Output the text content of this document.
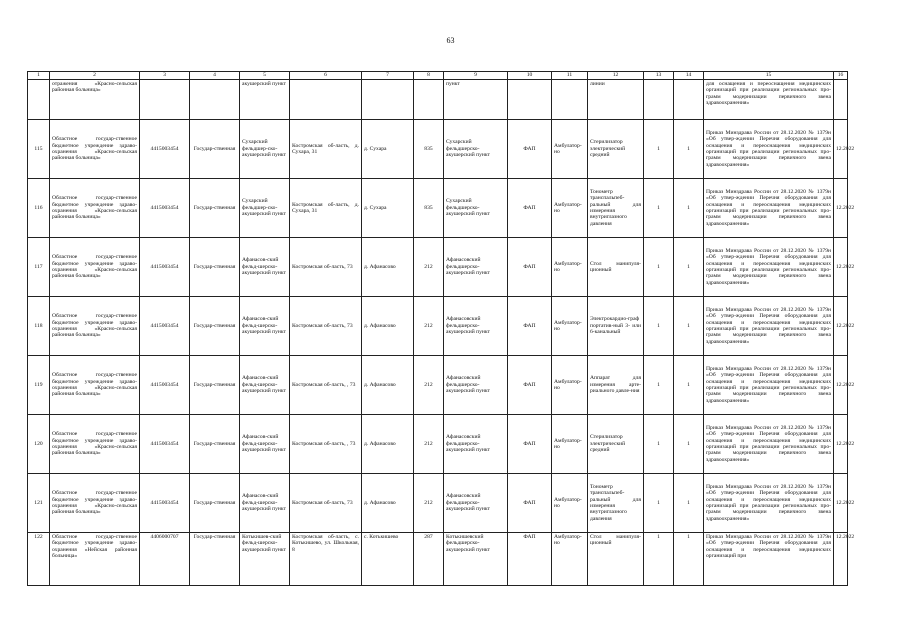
63
1	2	3	4	5	6	7	8	9	10	11	12	13	14	15	16
	отражения «Красно-сельская районная больница»			акушерский пункт				пункт			линии			для оснащения и переоснащения медицинских организаций при реализации региональных про-грамм модернизации первичного звена здравоохранения»	
115	Областное государ-ственное бюджетное учреждение здраво-охранения «Красно-сельская районная больница»	4415003454	Государ-ственная	Сухарский фельдшер-ско-акушерский пункт	Костромская об-ласть, д. Сухара, 31	д. Сухара	835	Сухарский фельдшерско-акушерский пункт	ФАП	Амбулатор-но	Стерилизатор электрический средний	1	1	Приказ Минздрава России от 28.12.2020 № 1379н «Об утвер-ждении Перечня оборудования для оснащения и переоснащения медицинских организаций при реализации региональных про-грамм модернизации первичного звена здравоохранения»	12.2022
116	Областное государ-ственное бюджетное учреждение здраво-охранения «Красно-сельская районная больница»	4415003454	Государ-ственная	Сухарский фельдшер-ско-акушерский пункт	Костромская об-ласть, д. Сухара, 31	д. Сухара	835	Сухарский фельдшерско-акушерский пункт	ФАП	Амбулатор-но	Тонометр транспальпеб-ральный для измерения внутриглазного давления	1	1	Приказ Минздрава России от 28.12.2020 № 1379н «Об утвер-ждении Перечня оборудования для оснащения и переоснащения медицинских организаций при реализации региональных про-грамм модернизации первичного звена здравоохранения»	12.2022
117	Областное государ-ственное бюджетное учреждение здраво-охранения «Красно-сельская районная больница»	4415003454	Государ-ственная	Афанасов-ский фельд-шерско-акушерский пункт	Костромская об-ласть, 73	д. Афанасово	212	Афанасовский фельдшерско-акушерский пункт	ФАП	Амбулатор-но	Стол манипуля-ционный	1	1	Приказ Минздрава России от 28.12.2020 № 1379н «Об утвер-ждении Перечня оборудования для оснащения и переоснащения медицинских организаций при реализации региональных про-грамм модернизации первичного звена здравоохранения»	12.2022
118	Областное государ-ственное бюджетное учреждение здраво-охранения «Красно-сельская районная больница»	4415003454	Государ-ственная	Афанасов-ский фельд-шерско-акушерский пункт	Костромская об-ласть, 73	д. Афанасово	212	Афанасовский фельдшерско-акушерский пункт	ФАП	Амбулатор-но	Электрокардио-граф портатив-ный 3- или 6-канальный	1	1	Приказ Минздрава России от 28.12.2020 № 1379н «Об утвер-ждении Перечня оборудования для оснащения и переоснащения медицинских организаций при реализации региональных про-грамм модернизации первичного звена здравоохранения»	12.2022
119	Областное государ-ственное бюджетное учреждение здраво-охранения «Красно-сельская районная больница»	4415003454	Государ-ственная	Афанасов-ский фельд-шерско-акушерский пункт	Костромская об-ласть, , 73	д. Афанасово	212	Афанасовский фельдшерско-акушерский пункт	ФАП	Амбулатор-но	Аппарат для измерения арте-риального давле-ния	1	1	Приказ Минздрава России от 28.12.2020 № 1379н «Об утвер-ждении Перечня оборудования для оснащения и переоснащения медицинских организаций при реализации региональных про-грамм модернизации первичного звена здравоохранения»	12.2022
120	Областное государ-ственное бюджетное учреждение здраво-охранения «Красно-сельская районная больница»	4415003454	Государ-ственная	Афанасов-ский фельд-шерско-акушерский пункт	Костромская об-ласть, , 73	д. Афанасово	212	Афанасовский фельдшерско-акушерский пункт	ФАП	Амбулатор-но	Стерилизатор электрический средний	1	1	Приказ Минздрава России от 28.12.2020 № 1379н «Об утвер-ждении Перечня оборудования для оснащения и переоснащения медицинских организаций при реализации региональных про-грамм модернизации первичного звена здравоохранения»	12.2022
121	Областное государ-ственное бюджетное учреждение здраво-охранения «Красно-сельская районная больница»	4415003454	Государ-ственная	Афанасов-ский фельд-шерско-акушерский пункт	Костромская об-ласть, 73	д. Афанасово	212	Афанасовский фельдшерско-акушерский пункт	ФАП	Амбулатор-но	Тонометр транспальпеб-ральный для измерения внутриглазного давления	1	1	Приказ Минздрава России от 28.12.2020 № 1379н «Об утвер-ждении Перечня оборудования для оснащения и переоснащения медицинских организаций при реализации региональных про-грамм модернизации первичного звена здравоохранения»	12.2022
122	Областное государ-ственное бюджетное учреждение здраво-охранения «Нейская районная больница»	4406000707	Государ-ственная	Котькишев-ский фельд-шерско-акушерский пункт	Костромская об-ласть, с. Котькишево, ул. Школьная, 8	с. Котькишево	287	Котькишевский фельдшерско-акушерский пункт	ФАП	Амбулатор-но	Стол манипуля-ционный	1	1	Приказ Минздрава России от 28.12.2020 № 1379н «Об утвер-ждении Перечня оборудования для оснащения и переоснащения медицинских организаций при	12.2022
